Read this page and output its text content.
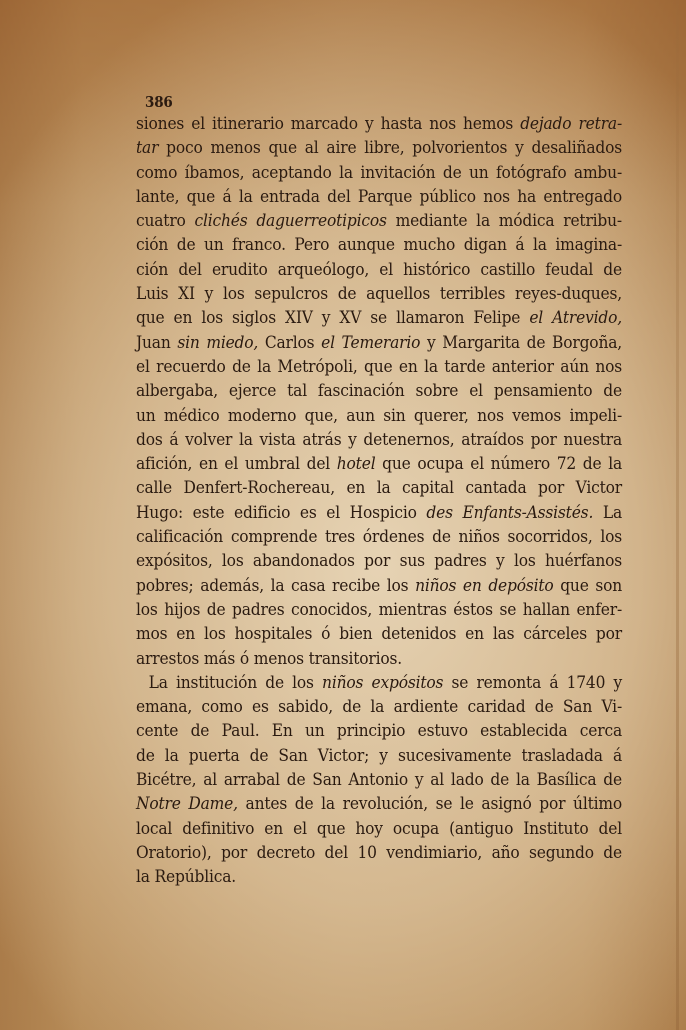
386
siones el itinerario marcado y hasta nos hemos dejado retra-
tar poco menos que al aire libre, polvorientos y desaliñados
como íbamos, aceptando la invitación de un fotógrafo ambu-
lante, que á la entrada del Parque público nos ha entregado
cuatro clichés daguerreotipicos mediante la módica retribu-
ción de un franco. Pero aunque mucho digan á la imagina-
ción del erudito arqueólogo, el histórico castillo feudal de
Luis XI y los sepulcros de aquellos terribles reyes-duques,
que en los siglos XIV y XV se llamaron Felipe el Atrevido,
Juan sin miedo, Carlos el Temerario y Margarita de Borgoña,
el recuerdo de la Metrópoli, que en la tarde anterior aún nos
albergaba, ejerce tal fascinación sobre el pensamiento de
un médico moderno que, aun sin querer, nos vemos impeli-
dos á volver la vista atrás y detenernos, atraídos por nuestra
afición, en el umbral del hotel que ocupa el número 72 de la
calle Denfert-Rochereau, en la capital cantada por Victor
Hugo: este edificio es el Hospicio des Enfants-Assistés. La
calificación comprende tres órdenes de niños socorridos, los
expósitos, los abandonados por sus padres y los huérfanos
pobres; además, la casa recibe los niños en depósito que son
los hijos de padres conocidos, mientras éstos se hallan enfer-
mos en los hospitales ó bien detenidos en las cárceles por
arrestos más ó menos transitorios.
La institución de los niños expósitos se remonta á 1740 y
emana, como es sabido, de la ardiente caridad de San Vi-
cente de Paul. En un principio estuvo establecida cerca
de la puerta de San Victor; y sucesivamente trasladada á
Bicétre, al arrabal de San Antonio y al lado de la Basílica de
Notre Dame, antes de la revolución, se le asignó por último
local definitivo en el que hoy ocupa (antiguo Instituto del
Oratorio), por decreto del 10 vendimiario, año segundo de
la República.
